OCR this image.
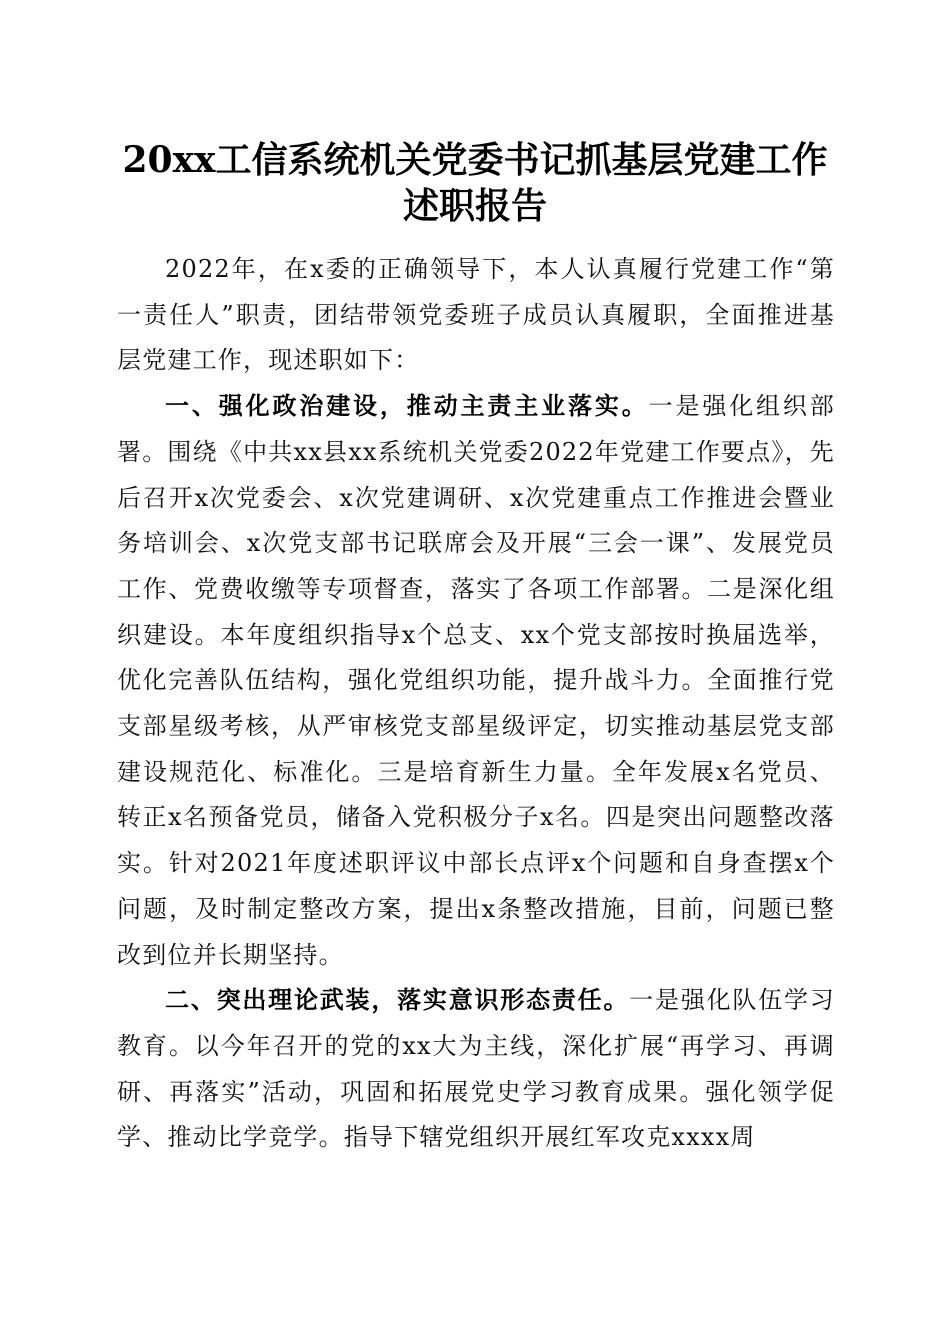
20xx工信系统机关党委书记抓基层党建工作
述职报告

2022年，在x委的正确领导下，本人认真履行党建工作“第一责任人”职责，团结带领党委班子成员认真履职，全面推进基层党建工作，现述职如下：

一、强化政治建设，推动主责主业落实。一是强化组织部署。围绕《中共xx县xx系统机关党委2022年党建工作要点》，先后召开x次党委会、x次党建调研、x次党建重点工作推进会暨业务培训会、x次党支部书记联席会及开展“三会一课”、发展党员工作、党费收缴等专项督查，落实了各项工作部署。二是深化组织建设。本年度组织指导x个总支、xx个党支部按时换届选举，优化完善队伍结构，强化党组织功能，提升战斗力。全面推行党支部星级考核，从严审核党支部星级评定，切实推动基层党支部建设规范化、标准化。三是培育新生力量。全年发展x名党员、转正x名预备党员，储备入党积极分子x名。四是突出问题整改落实。针对2021年度述职评议中部长点评x个问题和自身查摆x个问题，及时制定整改方案，提出x条整改措施，目前，问题已整改到位并长期坚持。

二、突出理论武装，落实意识形态责任。一是强化队伍学习教育。以今年召开的党的xx大为主线，深化扩展“再学习、再调研、再落实”活动，巩固和拓展党史学习教育成果。强化领学促学、推动比学竞学。指导下辖党组织开展红军攻克xxxx周
